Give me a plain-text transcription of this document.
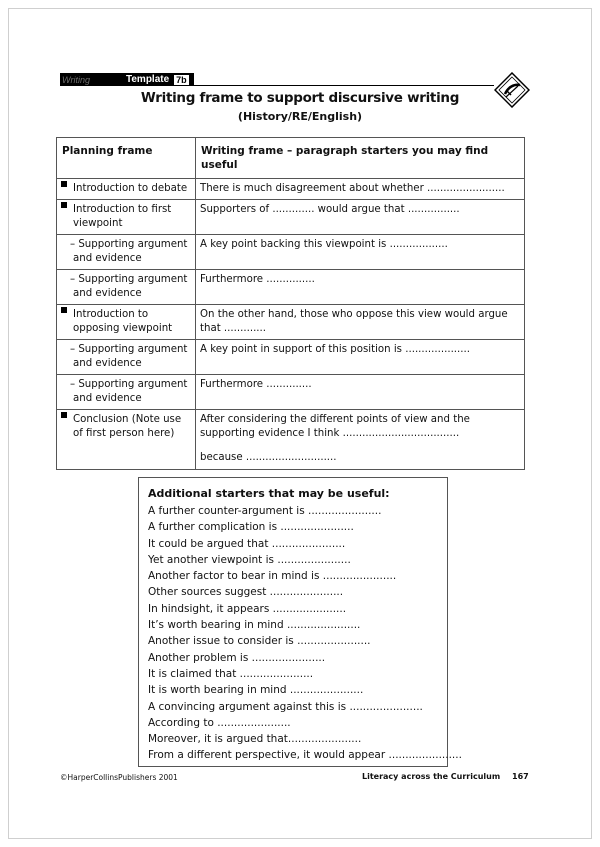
Writing	Template 7b
Writing frame to support discursive writing
(History/RE/English)
Planning frame	Writing frame – paragraph starters you may find useful

Introduction to debate	There is much disagreement about whether ........................

Introduction to first viewpoint	Supporters of ............. would argue that ................

– Supporting argument and evidence	A key point backing this viewpoint is ..................

– Supporting argument and evidence	Furthermore ...............

Introduction to opposing viewpoint	On the other hand, those who oppose this view would argue that .............

– Supporting argument and evidence	A key point in support of this position is ....................

– Supporting argument and evidence	Furthermore ..............

Conclusion (Note use of first person here)	After considering the different points of view and the supporting evidence I think ....................................
because ............................
Additional starters that may be useful:
A further counter-argument is ......................
A further complication is ......................
It could be argued that ......................
Yet another viewpoint is ......................
Another factor to bear in mind is ......................
Other sources suggest ......................
In hindsight, it appears ......................
It’s worth bearing in mind ......................
Another issue to consider is ......................
Another problem is ......................
It is claimed that ......................
It is worth bearing in mind ......................
A convincing argument against this is ......................
According to ......................
Moreover, it is argued that......................
From a different perspective, it would appear ......................
©HarperCollinsPublishers 2001	Literacy across the Curriculum 167
